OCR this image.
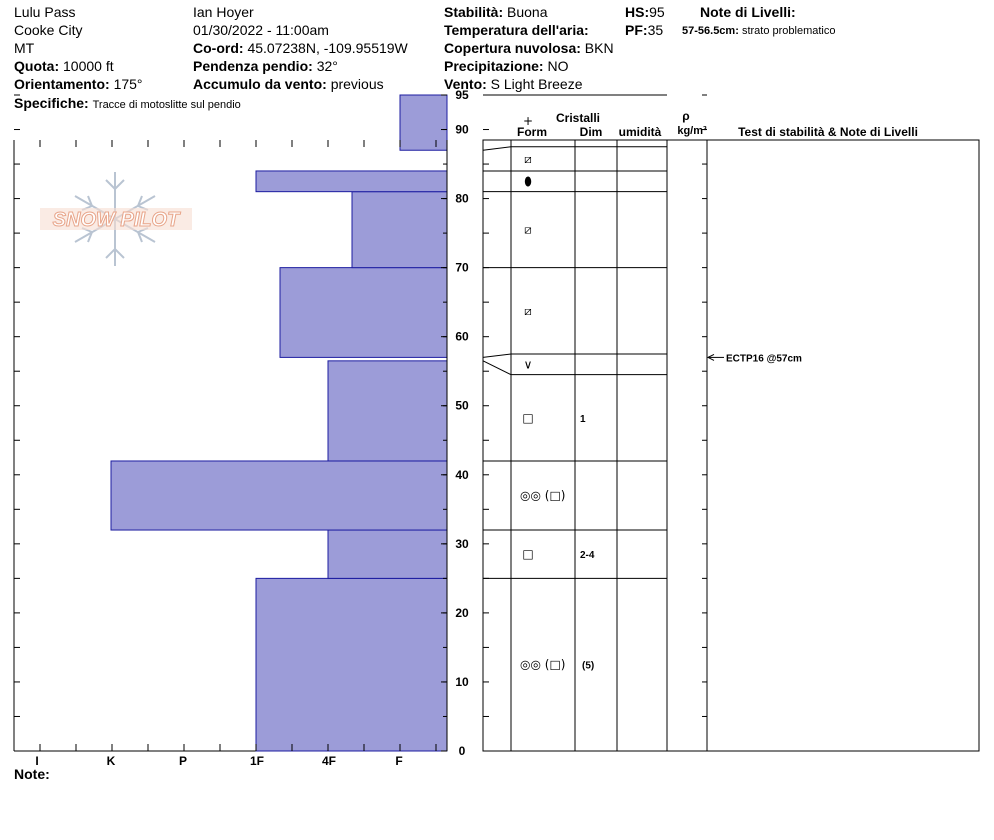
Lulu Pass
Cooke City
MT
Quota: 10000 ft
Orientamento: 175°
Specifiche: Tracce di motoslitte sul pendio
Ian Hoyer
01/30/2022 - 11:00am
Co-ord: 45.07238N, -109.95519W
Pendenza pendio: 32°
Accumulo da vento: previous
Stabilità: Buona
Temperatura dell'aria:
Copertura nuvolosa: BKN
Precipitazione: NO
Vento: S Light Breeze
HS:95
PF:35
Note di Livelli:
57-56.5cm: strato problematico
Note:
SNOW PILOT
0
10
20
30
40
50
60
70
80
90
95
I	K	P	1F	4F	F
+
⧄
⬮
⧄
⧄
∨
□	1
◎◎ (□)
□	2-4
◎◎ (□) (5)
Cristalli
Form	Dim umidità
ρ
kg/m³	Test di stabilità & Note di Livelli
ECTP16 @57cm
